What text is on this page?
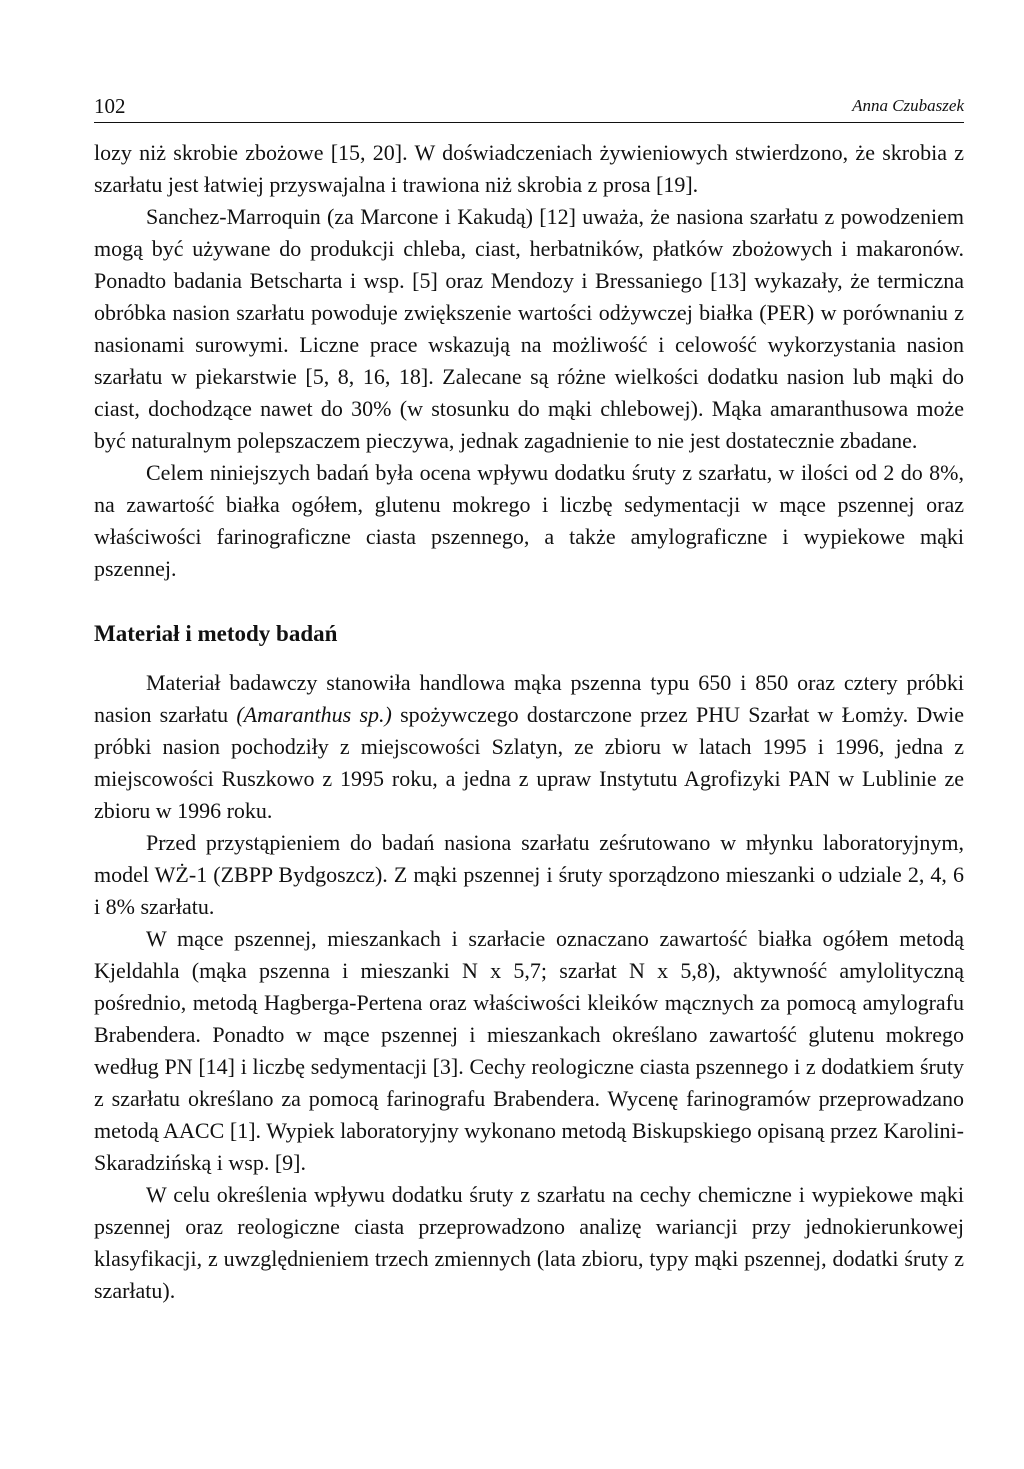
102	Anna Czubaszek

lozy niż skrobie zbożowe [15, 20]. W doświadczeniach żywieniowych stwierdzono, że skrobia z szarłatu jest łatwiej przyswajalna i trawiona niż skrobia z prosa [19].

Sanchez-Marroquin (za Marcone i Kakudą) [12] uważa, że nasiona szarłatu z powodzeniem mogą być używane do produkcji chleba, ciast, herbatników, płatków zbożowych i makaronów. Ponadto badania Betscharta i wsp. [5] oraz Mendozy i Bressaniego [13] wykazały, że termiczna obróbka nasion szarłatu powoduje zwiększenie wartości odżywczej białka (PER) w porównaniu z nasionami surowymi. Liczne prace wskazują na możliwość i celowość wykorzystania nasion szarłatu w piekarstwie [5, 8, 16, 18]. Zalecane są różne wielkości dodatku nasion lub mąki do ciast, dochodzące nawet do 30% (w stosunku do mąki chlebowej). Mąka amaranthusowa może być naturalnym polepszaczem pieczywa, jednak zagadnienie to nie jest dostatecznie zbadane.

Celem niniejszych badań była ocena wpływu dodatku śruty z szarłatu, w ilości od 2 do 8%, na zawartość białka ogółem, glutenu mokrego i liczbę sedymentacji w mące pszennej oraz właściwości farinograficzne ciasta pszennego, a także amylograficzne i wypiekowe mąki pszennej.

Materiał i metody badań

Materiał badawczy stanowiła handlowa mąka pszenna typu 650 i 850 oraz cztery próbki nasion szarłatu (Amaranthus sp.) spożywczego dostarczone przez PHU Szarłat w Łomży. Dwie próbki nasion pochodziły z miejscowości Szlatyn, ze zbioru w latach 1995 i 1996, jedna z miejscowości Ruszkowo z 1995 roku, a jedna z upraw Instytutu Agrofizyki PAN w Lublinie ze zbioru w 1996 roku.

Przed przystąpieniem do badań nasiona szarłatu ześrutowano w młynku laboratoryjnym, model WŻ-1 (ZBPP Bydgoszcz). Z mąki pszennej i śruty sporządzono mieszanki o udziale 2, 4, 6 i 8% szarłatu.

W mące pszennej, mieszankach i szarłacie oznaczano zawartość białka ogółem metodą Kjeldahla (mąka pszenna i mieszanki N x 5,7; szarłat N x 5,8), aktywność amylolityczną pośrednio, metodą Hagberga-Pertena oraz właściwości kleików mącznych za pomocą amylografu Brabendera. Ponadto w mące pszennej i mieszankach określano zawartość glutenu mokrego według PN [14] i liczbę sedymentacji [3]. Cechy reologiczne ciasta pszennego i z dodatkiem śruty z szarłatu określano za pomocą farinografu Brabendera. Wycenę farinogramów przeprowadzano metodą AACC [1]. Wypiek laboratoryjny wykonano metodą Biskupskiego opisaną przez Karolini-Skaradzińską i wsp. [9].

W celu określenia wpływu dodatku śruty z szarłatu na cechy chemiczne i wypiekowe mąki pszennej oraz reologiczne ciasta przeprowadzono analizę wariancji przy jednokierunkowej klasyfikacji, z uwzględnieniem trzech zmiennych (lata zbioru, typy mąki pszennej, dodatki śruty z szarłatu).
